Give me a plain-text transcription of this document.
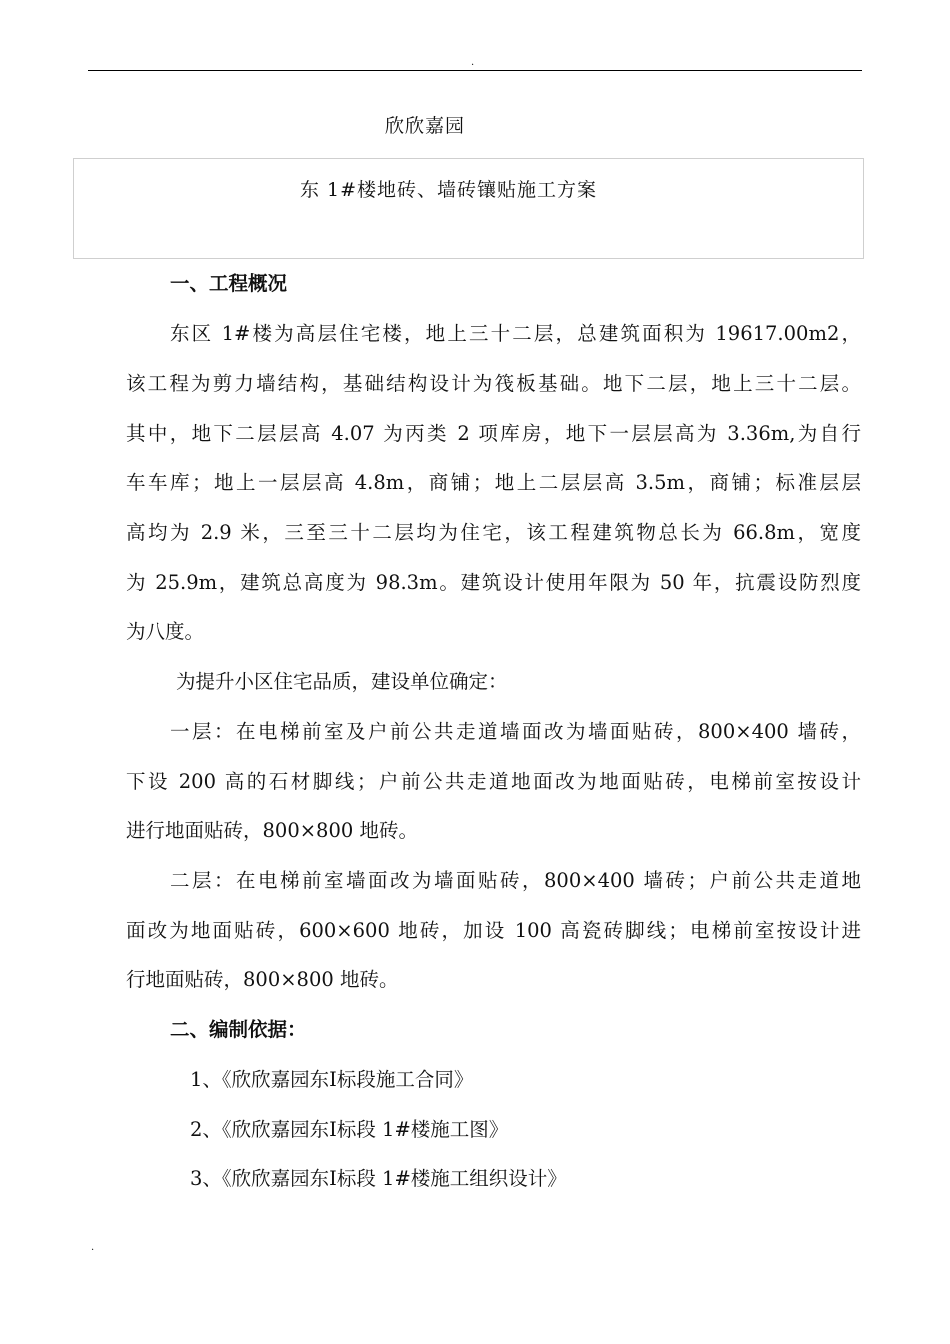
.
欣欣嘉园
东 1#楼地砖、墙砖镶贴施工方案
一、工程概况
东区 1#楼为高层住宅楼，地上三十二层，总建筑面积为 19617.00m2，
该工程为剪力墙结构，基础结构设计为筏板基础。地下二层，地上三十二层。
其中，地下二层层高 4.07 为丙类 2 项库房，地下一层层高为 3.36m,为自行
车车库；地上一层层高 4.8m，商铺；地上二层层高 3.5m，商铺；标准层层
高均为 2.9 米，三至三十二层均为住宅，该工程建筑物总长为 66.8m，宽度
为 25.9m，建筑总高度为 98.3m。建筑设计使用年限为 50 年，抗震设防烈度
为八度。
为提升小区住宅品质，建设单位确定：
一层：在电梯前室及户前公共走道墙面改为墙面贴砖，800×400 墙砖，
下设 200 高的石材脚线；户前公共走道地面改为地面贴砖，电梯前室按设计
进行地面贴砖，800×800 地砖。
二层：在电梯前室墙面改为墙面贴砖，800×400 墙砖；户前公共走道地
面改为地面贴砖，600×600 地砖，加设 100 高瓷砖脚线；电梯前室按设计进
行地面贴砖，800×800 地砖。
二、编制依据：
1、《欣欣嘉园东Ⅰ标段施工合同》
2、《欣欣嘉园东Ⅰ标段 1#楼施工图》
3、《欣欣嘉园东Ⅰ标段 1#楼施工组织设计》
.
